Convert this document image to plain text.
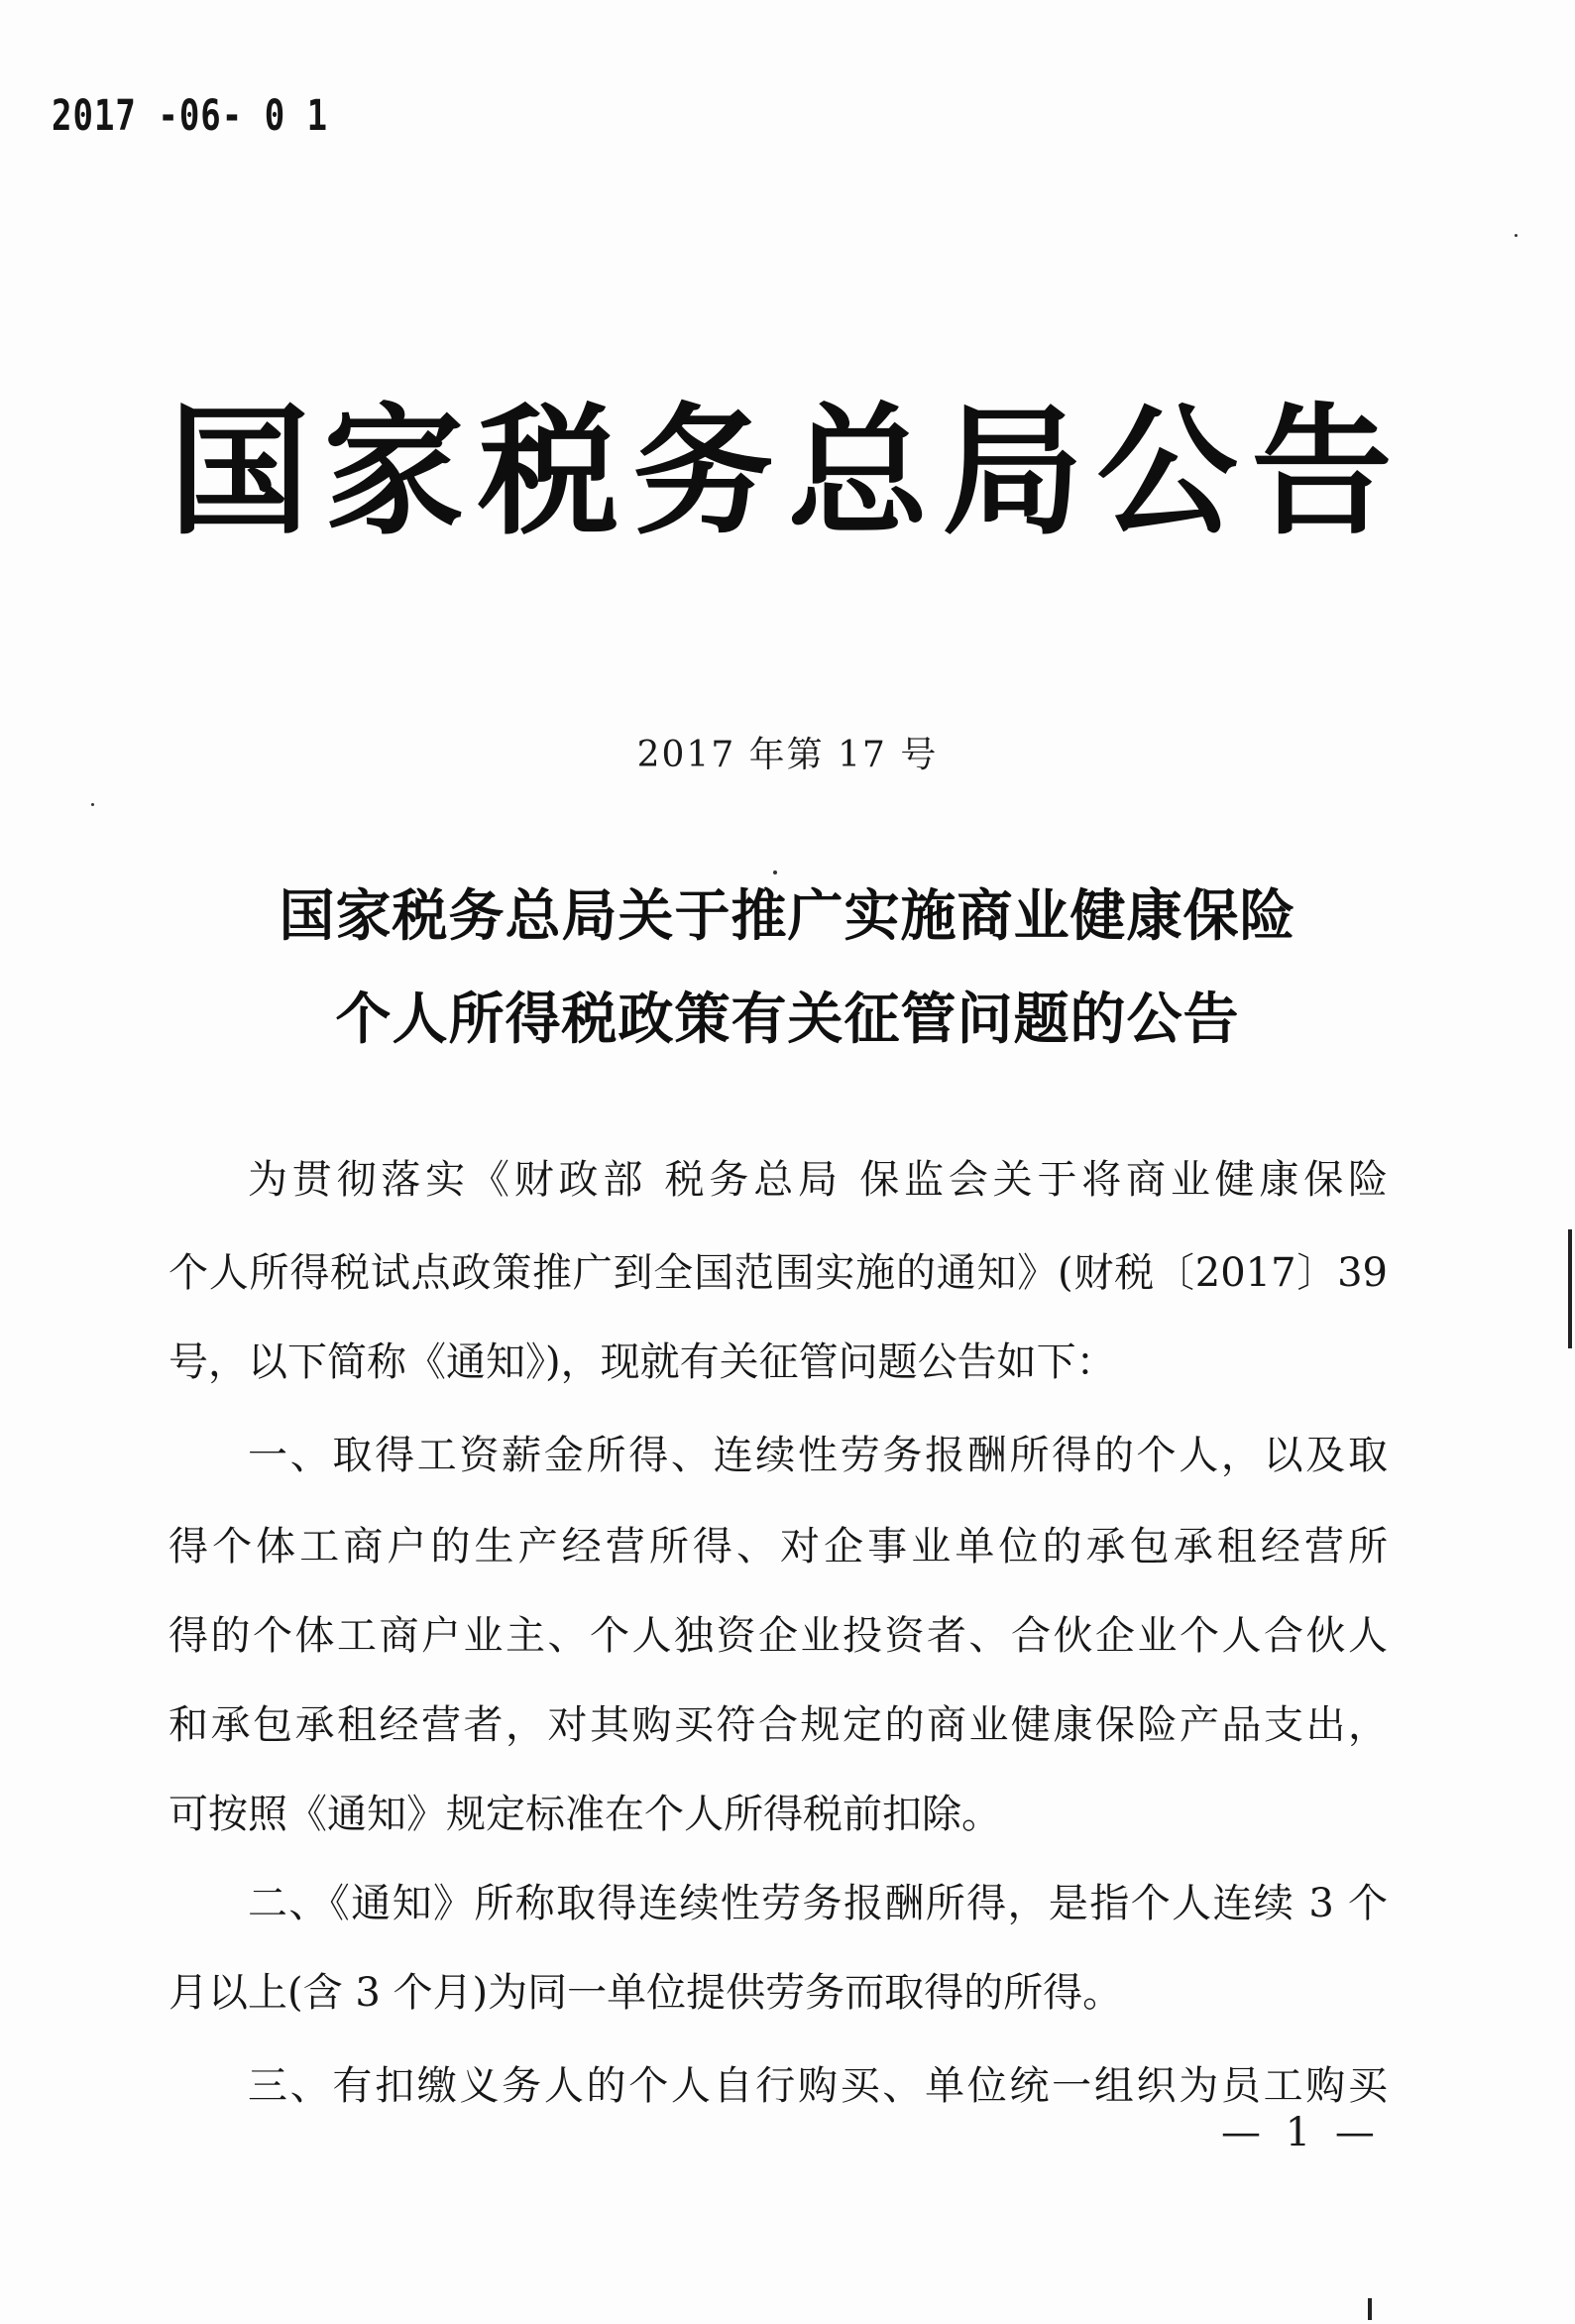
2017 -06- 0 1
国家税务总局公告
2017 年第 17 号
国家税务总局关于推广实施商业健康保险
个人所得税政策有关征管问题的公告
为贯彻落实《财政部 税务总局 保监会关于将商业健康保险
个人所得税试点政策推广到全国范围实施的通知》(财税〔2017〕39
号，以下简称《通知》)，现就有关征管问题公告如下：
一、取得工资薪金所得、连续性劳务报酬所得的个人，以及取
得个体工商户的生产经营所得、对企事业单位的承包承租经营所
得的个体工商户业主、个人独资企业投资者、合伙企业个人合伙人
和承包承租经营者，对其购买符合规定的商业健康保险产品支出，
可按照《通知》规定标准在个人所得税前扣除。
二、《通知》所称取得连续性劳务报酬所得，是指个人连续 3 个
月以上(含 3 个月)为同一单位提供劳务而取得的所得。
三、有扣缴义务人的个人自行购买、单位统一组织为员工购买
— 1 —
